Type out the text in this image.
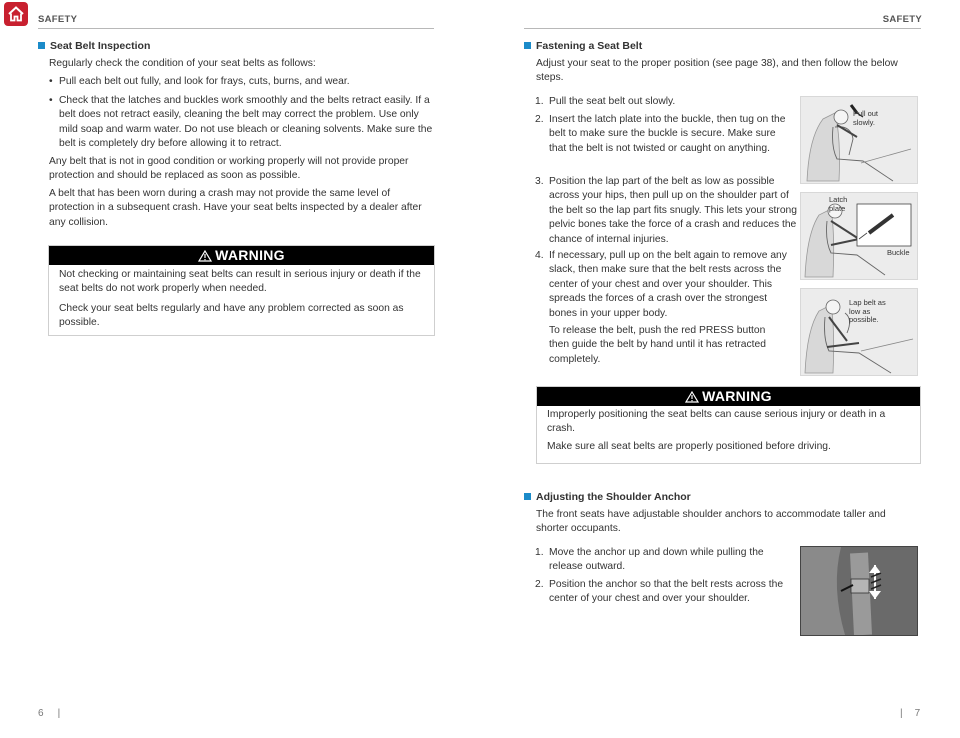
SAFETY
Seat Belt Inspection
Regularly check the condition of your seat belts as follows:
• Pull each belt out fully, and look for frays, cuts, burns, and wear.
• Check that the latches and buckles work smoothly and the belts retract easily. If a belt does not retract easily, cleaning the belt may correct the problem. Use only mild soap and warm water. Do not use bleach or cleaning solvents. Make sure the belt is completely dry before allowing it to retract.
Any belt that is not in good condition or working properly will not provide proper protection and should be replaced as soon as possible.
A belt that has been worn during a crash may not provide the same level of protection in a subsequent crash. Have your seat belts inspected by a dealer after any collision.
WARNING
Not checking or maintaining seat belts can result in serious injury or death if the seat belts do not work properly when needed.
Check your seat belts regularly and have any problem corrected as soon as possible.
6 |
SAFETY
Fastening a Seat Belt
Adjust your seat to the proper position (see page 38), and then follow the below steps.
1. Pull the seat belt out slowly.
2. Insert the latch plate into the buckle, then tug on the belt to make sure the buckle is secure. Make sure that the belt is not twisted or caught on anything.
3. Position the lap part of the belt as low as possible across your hips, then pull up on the shoulder part of the belt so the lap part fits snugly. This lets your strong pelvic bones take the force of a crash and reduces the chance of internal injuries.
4. If necessary, pull up on the belt again to remove any slack, then make sure that the belt rests across the center of your chest and over your shoulder. This spreads the forces of a crash over the strongest bones in your upper body.
To release the belt, push the red PRESS button then guide the belt by hand until it has retracted completely.
Pull out slowly.
Latch plate
Buckle
Lap belt as low as possible.
WARNING
Improperly positioning the seat belts can cause serious injury or death in a crash.
Make sure all seat belts are properly positioned before driving.
Adjusting the Shoulder Anchor
The front seats have adjustable shoulder anchors to accommodate taller and shorter occupants.
1. Move the anchor up and down while pulling the release outward.
2. Position the anchor so that the belt rests across the center of your chest and over your shoulder.
| 7
